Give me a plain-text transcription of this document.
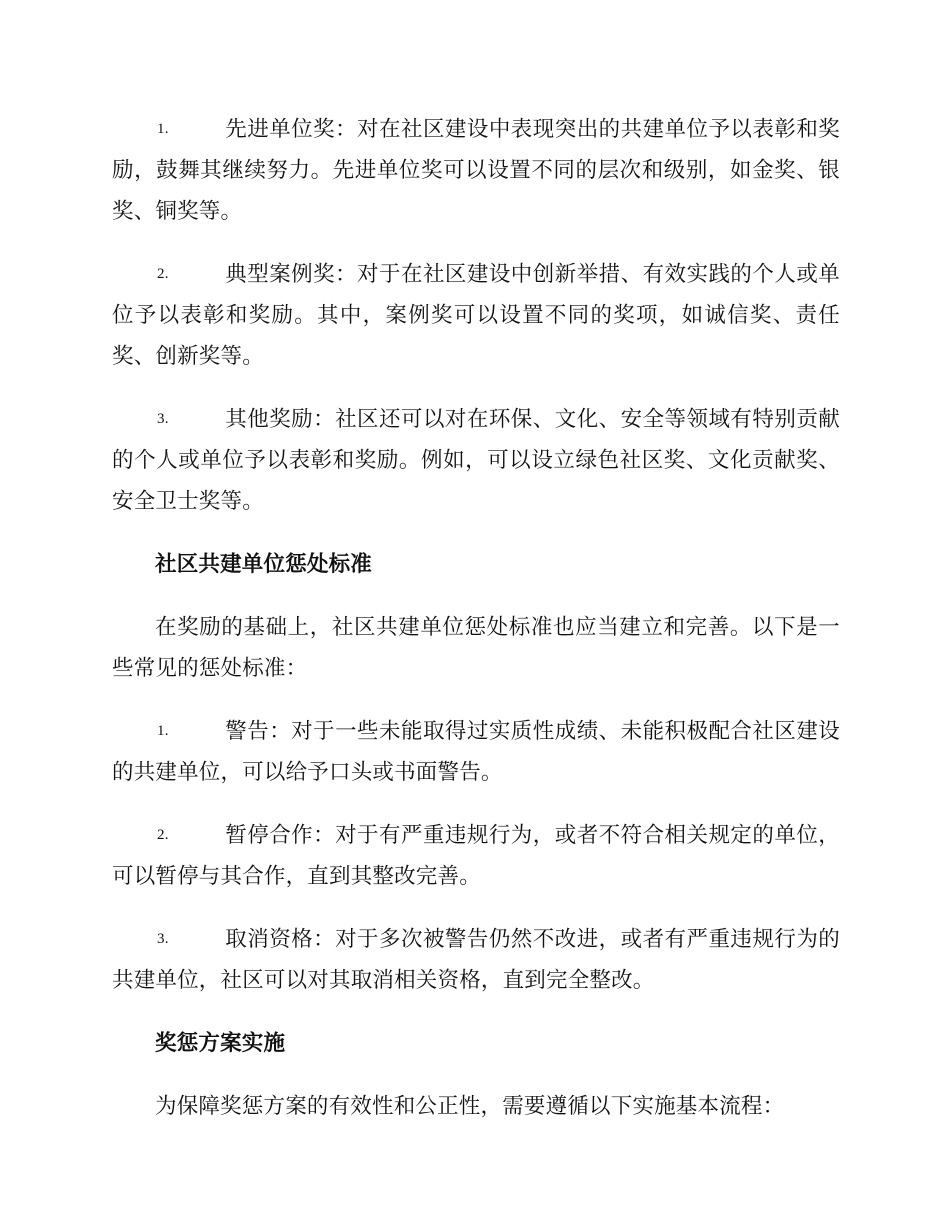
1.	先进单位奖：对在社区建设中表现突出的共建单位予以表彰和奖励，鼓舞其继续努力。先进单位奖可以设置不同的层次和级别，如金奖、银奖、铜奖等。
2.	典型案例奖：对于在社区建设中创新举措、有效实践的个人或单位予以表彰和奖励。其中，案例奖可以设置不同的奖项，如诚信奖、责任奖、创新奖等。
3.	其他奖励：社区还可以对在环保、文化、安全等领域有特别贡献的个人或单位予以表彰和奖励。例如，可以设立绿色社区奖、文化贡献奖、安全卫士奖等。
社区共建单位惩处标准
在奖励的基础上，社区共建单位惩处标准也应当建立和完善。以下是一些常见的惩处标准：
1.	警告：对于一些未能取得过实质性成绩、未能积极配合社区建设的共建单位，可以给予口头或书面警告。
2.	暂停合作：对于有严重违规行为，或者不符合相关规定的单位，可以暂停与其合作，直到其整改完善。
3.	取消资格：对于多次被警告仍然不改进，或者有严重违规行为的共建单位，社区可以对其取消相关资格，直到完全整改。
奖惩方案实施
为保障奖惩方案的有效性和公正性，需要遵循以下实施基本流程：
